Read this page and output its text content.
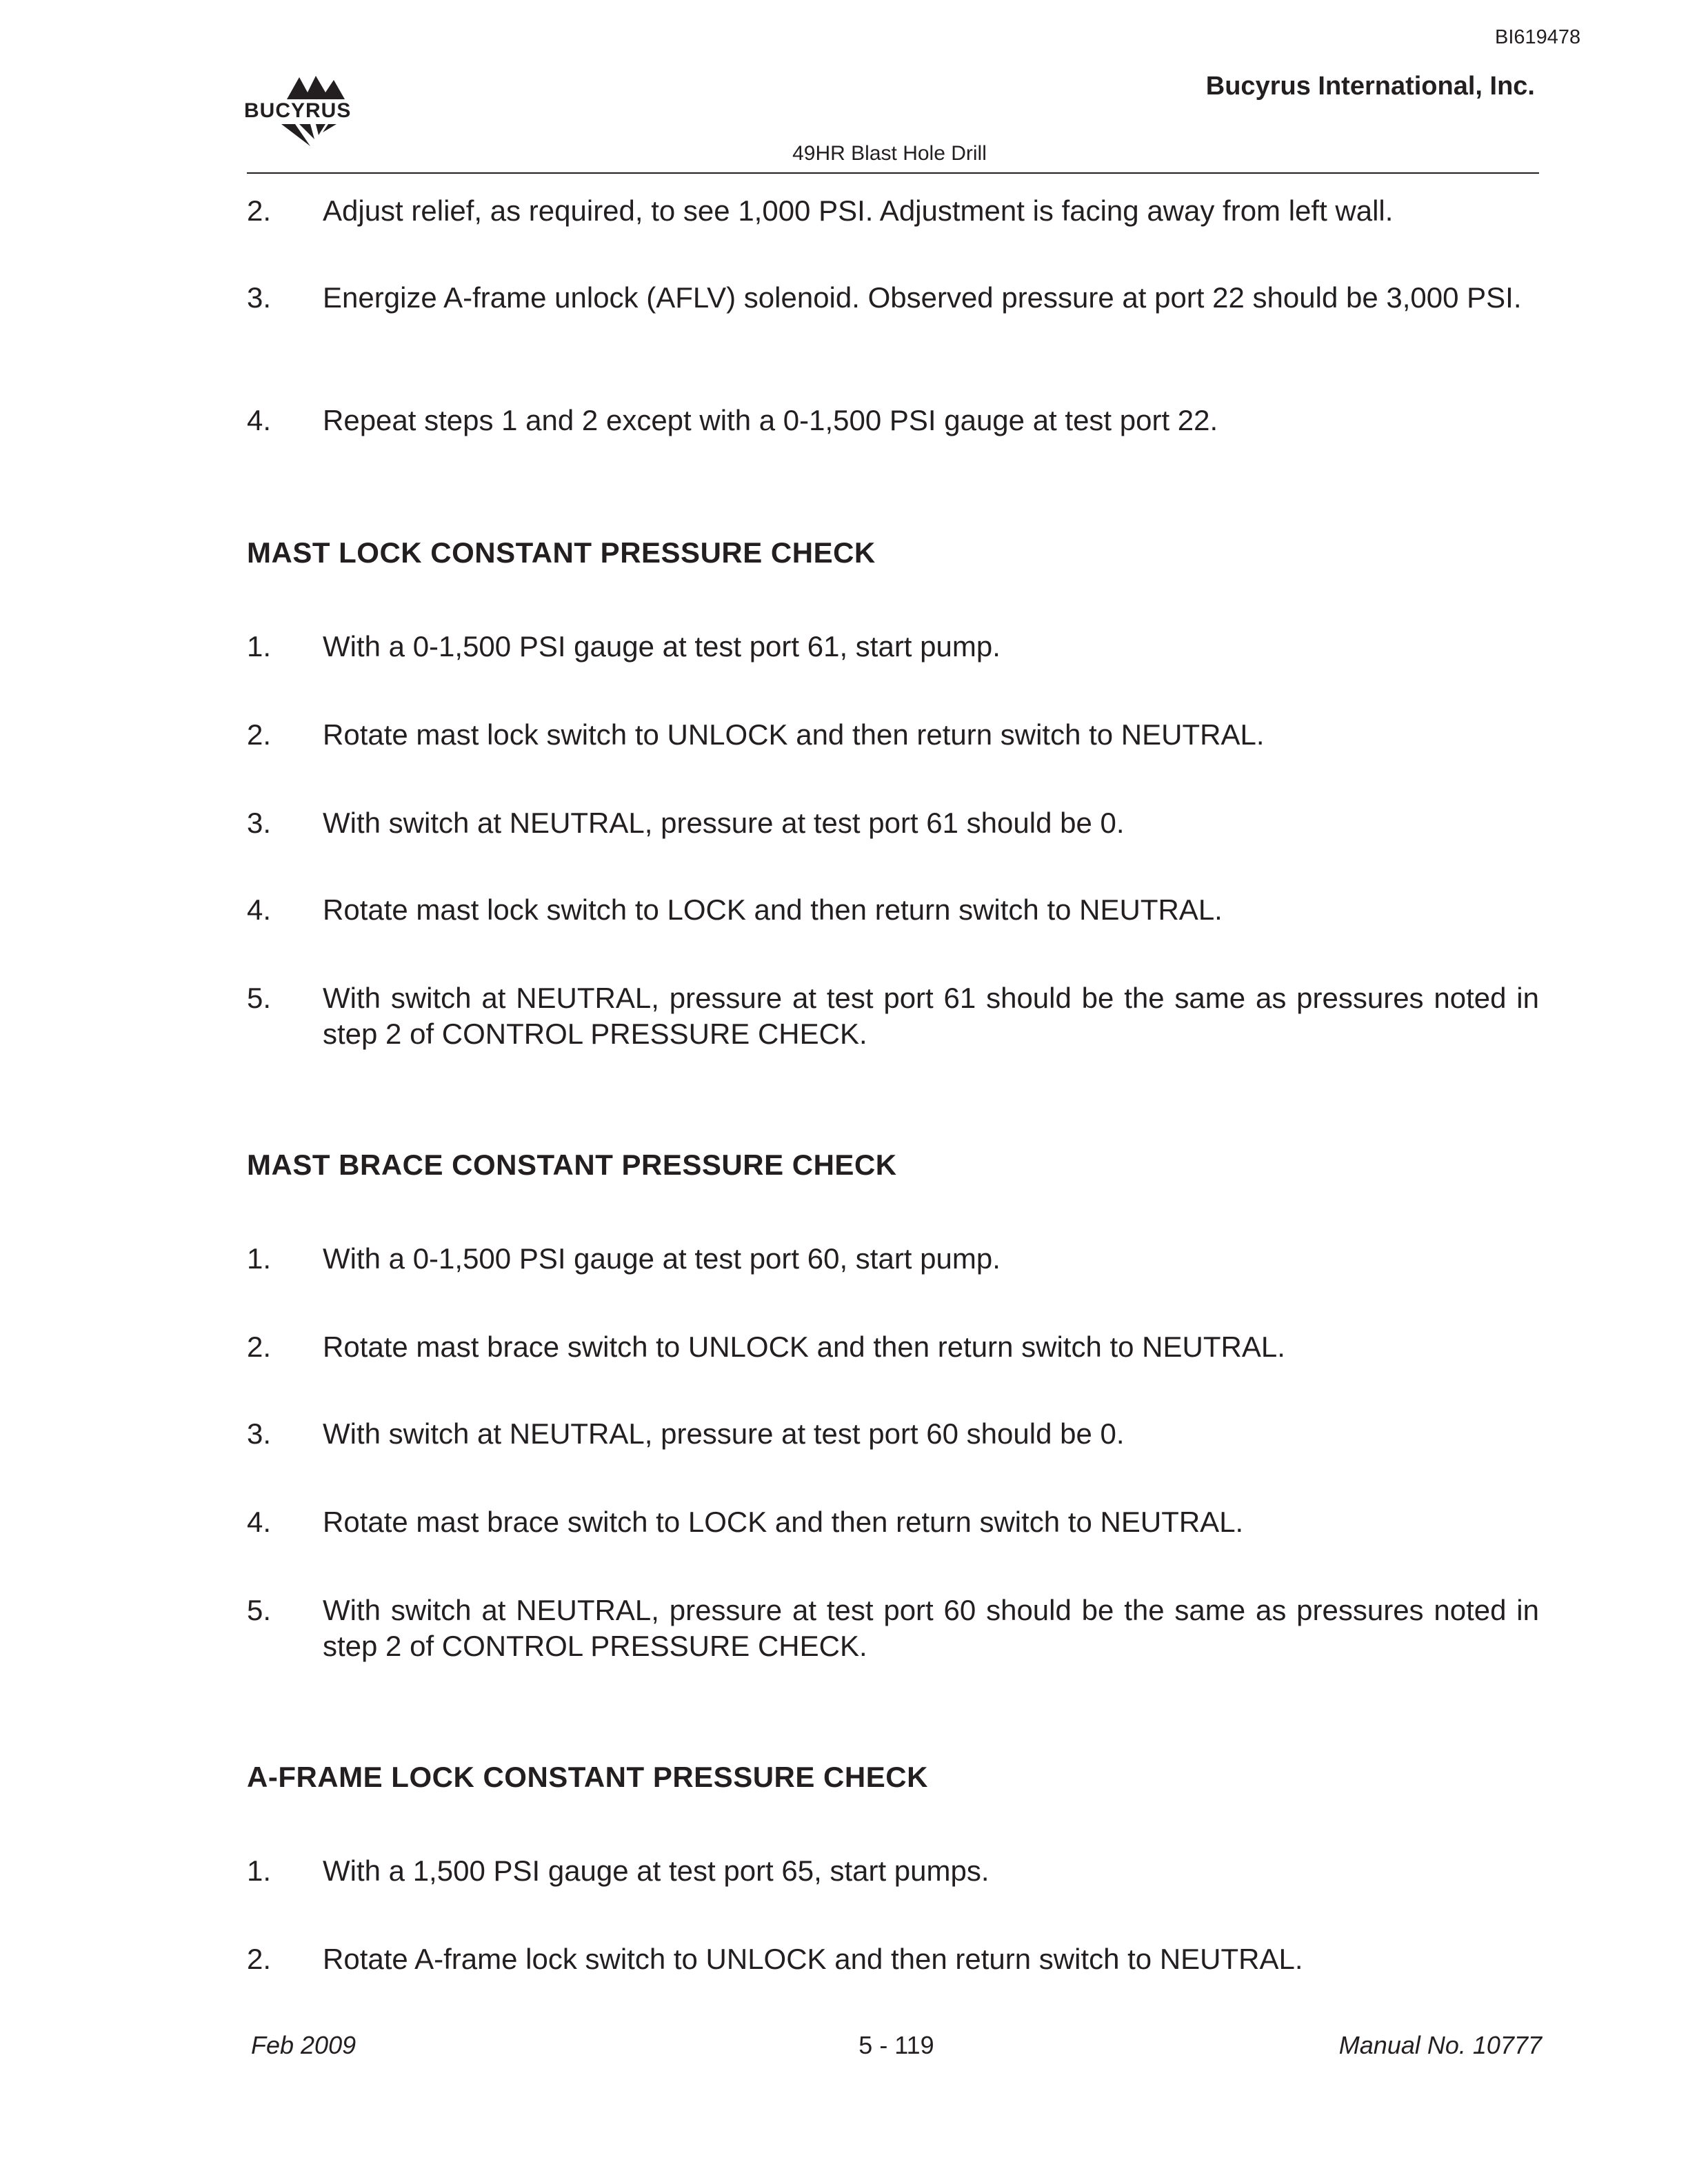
BI619478
BUCYRUS
Bucyrus International, Inc.
49HR Blast Hole Drill
2. Adjust relief, as required, to see 1,000 PSI. Adjustment is facing away from left wall.
3. Energize A-frame unlock (AFLV) solenoid. Observed pressure at port 22 should be 3,000 PSI.
4. Repeat steps 1 and 2 except with a 0-1,500 PSI gauge at test port 22.
MAST LOCK CONSTANT PRESSURE CHECK
1. With a 0-1,500 PSI gauge at test port 61, start pump.
2. Rotate mast lock switch to UNLOCK and then return switch to NEUTRAL.
3. With switch at NEUTRAL, pressure at test port 61 should be 0.
4. Rotate mast lock switch to LOCK and then return switch to NEUTRAL.
5. With switch at NEUTRAL, pressure at test port 61 should be the same as pressures noted in step 2 of CONTROL PRESSURE CHECK.
MAST BRACE CONSTANT PRESSURE CHECK
1. With a 0-1,500 PSI gauge at test port 60, start pump.
2. Rotate mast brace switch to UNLOCK and then return switch to NEUTRAL.
3. With switch at NEUTRAL, pressure at test port 60 should be 0.
4. Rotate mast brace switch to LOCK and then return switch to NEUTRAL.
5. With switch at NEUTRAL, pressure at test port 60 should be the same as pressures noted in step 2 of CONTROL PRESSURE CHECK.
A-FRAME LOCK CONSTANT PRESSURE CHECK
1. With a 1,500 PSI gauge at test port 65, start pumps.
2. Rotate A-frame lock switch to UNLOCK and then return switch to NEUTRAL.
Feb 2009	5 - 119	Manual No. 10777
